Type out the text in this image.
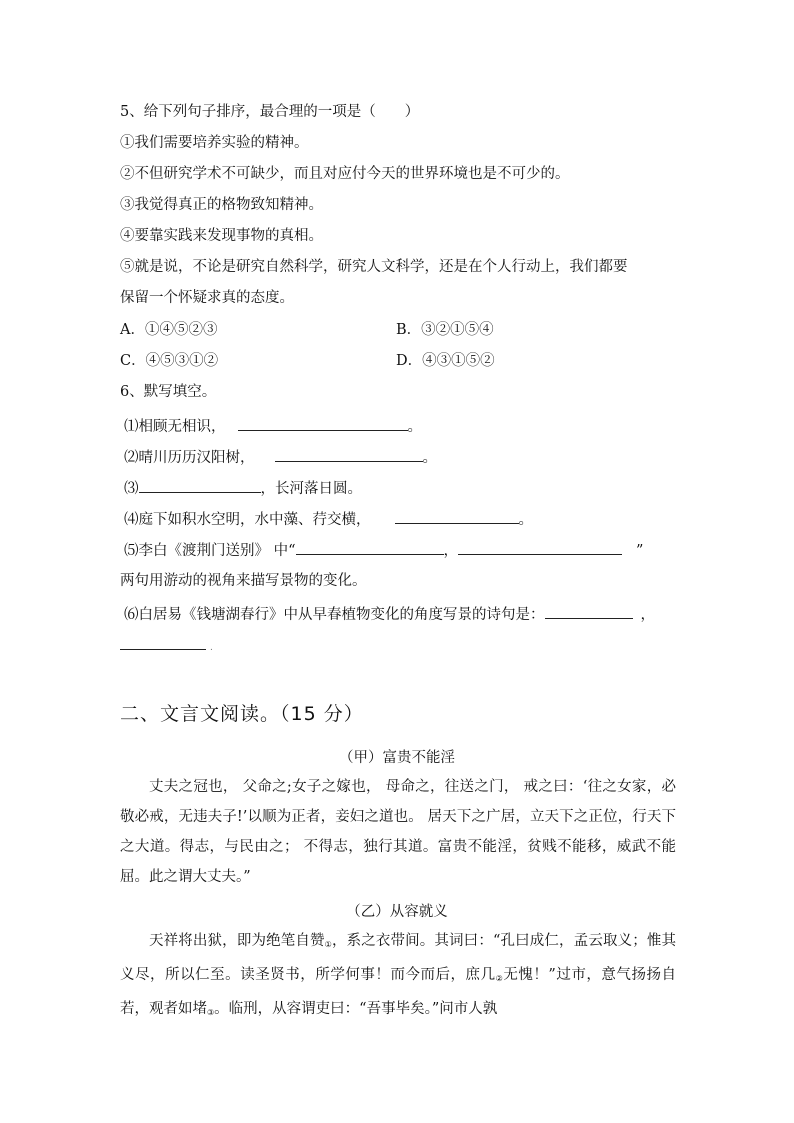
5、给下列句子排序，最合理的一项是（　　）
①我们需要培养实验的精神。
②不但研究学术不可缺少，而且对应付今天的世界环境也是不可少的。
③我觉得真正的格物致知精神。
④要靠实践来发现事物的真相。
⑤就是说，不论是研究自然科学，研究人文科学，还是在个人行动上，我们都要
保留一个怀疑求真的态度。
A．①④⑤②③	B．③②①⑤④
C．④⑤③①②	D．④③①⑤②
6、默写填空。
⑴相顾无相识，	。
⑵晴川历历汉阳树，	。
⑶	，长河落日圆。
⑷庭下如积水空明，水中藻、荇交横，	。
⑸李白《渡荆门送别》 中“	，	”
两句用游动的视角来描写景物的变化。
⑹白居易《钱塘湖春行》中从早春植物变化的角度写景的诗句是：	，
.
二、文言文阅读。（15 分）
（甲）富贵不能淫

丈夫之冠也， 父命之;女子之嫁也， 母命之，往送之门， 戒之曰：‘往之女家，必敬必戒，无违夫子!’以顺为正者，妾妇之道也。 居天下之广居，立天下之正位，行天下之大道。得志，与民由之； 不得志，独行其道。富贵不能淫，贫贱不能移，威武不能屈。此之谓大丈夫。”

（乙）从容就义

天祥将出狱，即为绝笔自赞$_①$，系之衣带间。其词曰：“孔曰成仁，孟云取义；惟其义尽，所以仁至。读圣贤书，所学何事！而今而后，庶几$_②$无愧！”过市，意气扬扬自若，观者如堵$_③$。临刑，从容谓吏曰：“吾事毕矣。”问市人孰
